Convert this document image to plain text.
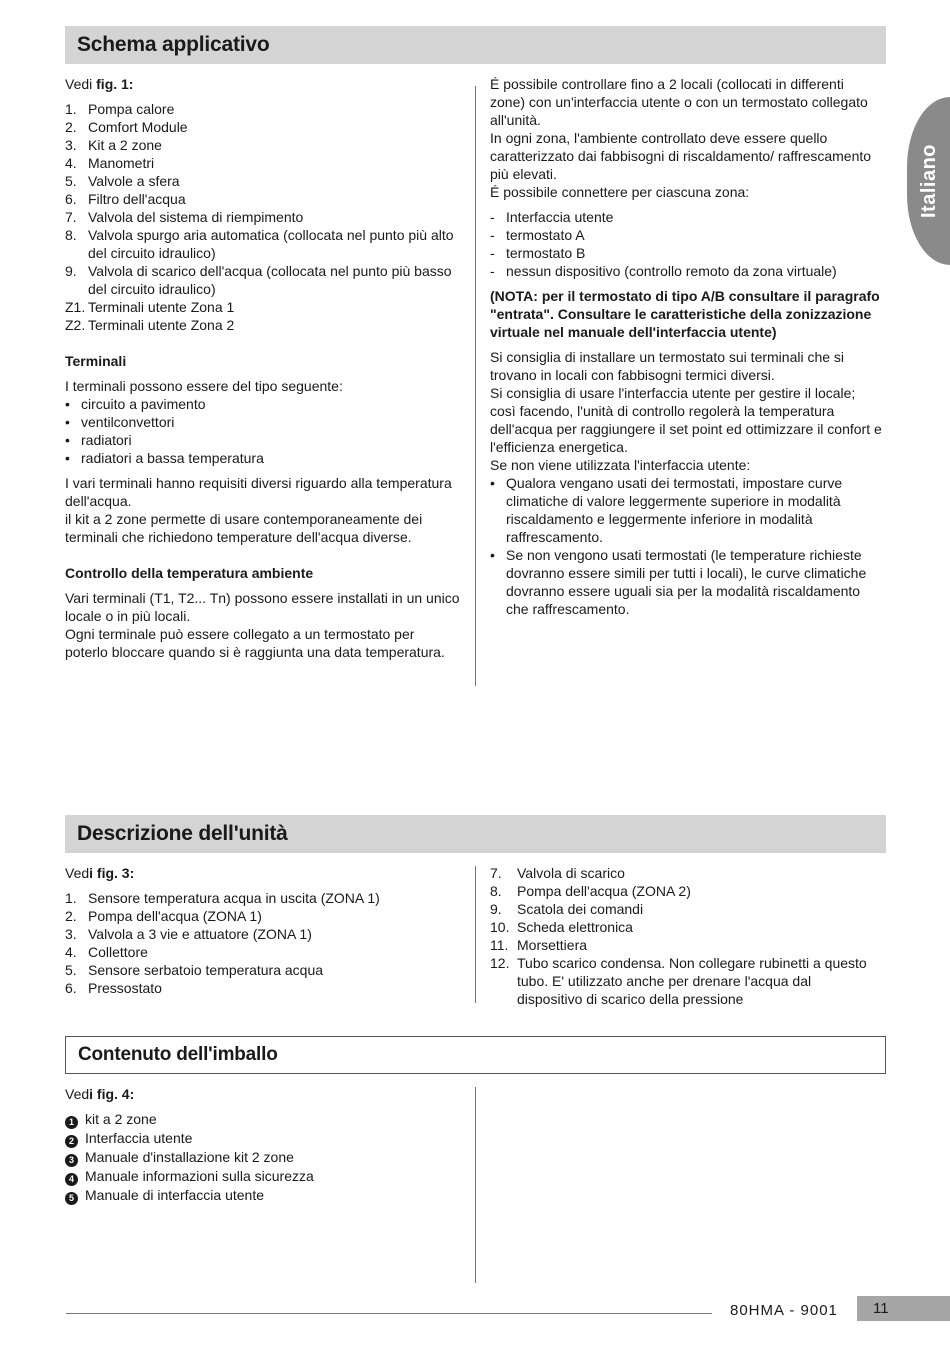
Schema applicativo

Vedi fig. 1:

1. Pompa calore
2. Comfort Module
3. Kit a 2 zone
4. Manometri
5. Valvole a sfera
6. Filtro dell'acqua
7. Valvola del sistema di riempimento
8. Valvola spurgo aria automatica (collocata nel punto più alto del circuito idraulico)
9. Valvola di scarico dell'acqua (collocata nel punto più basso del circuito idraulico)
Z1. Terminali utente Zona 1
Z2. Terminali utente Zona 2
Terminali

I terminali possono essere del tipo seguente:

• circuito a pavimento
• ventilconvettori
• radiatori
• radiatori a bassa temperatura

I vari terminali hanno requisiti diversi riguardo alla temperatura dell'acqua.

il kit a 2 zone permette di usare contemporaneamente dei terminali che richiedono temperature dell'acqua diverse.

Controllo della temperatura ambiente

Vari terminali (T1, T2... Tn) possono essere installati in un unico locale o in più locali.

Ogni terminale può essere collegato a un termostato per poterlo bloccare quando si è raggiunta una data temperatura.

É possibile controllare fino a 2 locali (collocati in differenti zone) con un'interfaccia utente o con un termostato collegato all'unità.

In ogni zona, l'ambiente controllato deve essere quello caratterizzato dai fabbisogni di riscaldamento/ raffrescamento più elevati.

É possibile connettere per ciascuna zona:

- Interfaccia utente
- termostato A
- termostato B
- nessun dispositivo (controllo remoto da zona virtuale)

(NOTA: per il termostato di tipo A/B consultare il paragrafo "entrata". Consultare le caratteristiche della zonizzazione virtuale nel manuale dell'interfaccia utente)

Si consiglia di installare un termostato sui terminali che si trovano in locali con fabbisogni termici diversi.

Si consiglia di usare l'interfaccia utente per gestire il locale; così facendo, l'unità di controllo regolerà la temperatura dell'acqua per raggiungere il set point ed ottimizzare il confort e l'efficienza energetica.

Se non viene utilizzata l'interfaccia utente:

• Qualora vengano usati dei termostati, impostare curve climatiche di valore leggermente superiore in modalità riscaldamento e leggermente inferiore in modalità raffrescamento.
• Se non vengono usati termostati (le temperature richieste dovranno essere simili per tutti i locali), le curve climatiche dovranno essere uguali sia per la modalità riscaldamento che raffrescamento.
Italiano
Descrizione dell'unità

Vedi fig. 3:

1. Sensore temperatura acqua in uscita (ZONA 1)
2. Pompa dell'acqua (ZONA 1)
3. Valvola a 3 vie e attuatore (ZONA 1)
4. Collettore
5. Sensore serbatoio temperatura acqua
6. Pressostato
7.	Valvola di scarico
8.	Pompa dell'acqua (ZONA 2)
9.	Scatola dei comandi
10. Scheda elettronica
11. Morsettiera
12. Tubo scarico condensa. Non collegare rubinetti a questo tubo. E' utilizzato anche per drenare l'acqua dal dispositivo di scarico della pressione
Contenuto dell'imballo

Vedi fig. 4:

1 kit a 2 zone
2 Interfaccia utente
3 Manuale d'installazione kit 2 zone
4 Manuale informazioni sulla sicurezza
5 Manuale di interfaccia utente
80HMA - 9001	11
